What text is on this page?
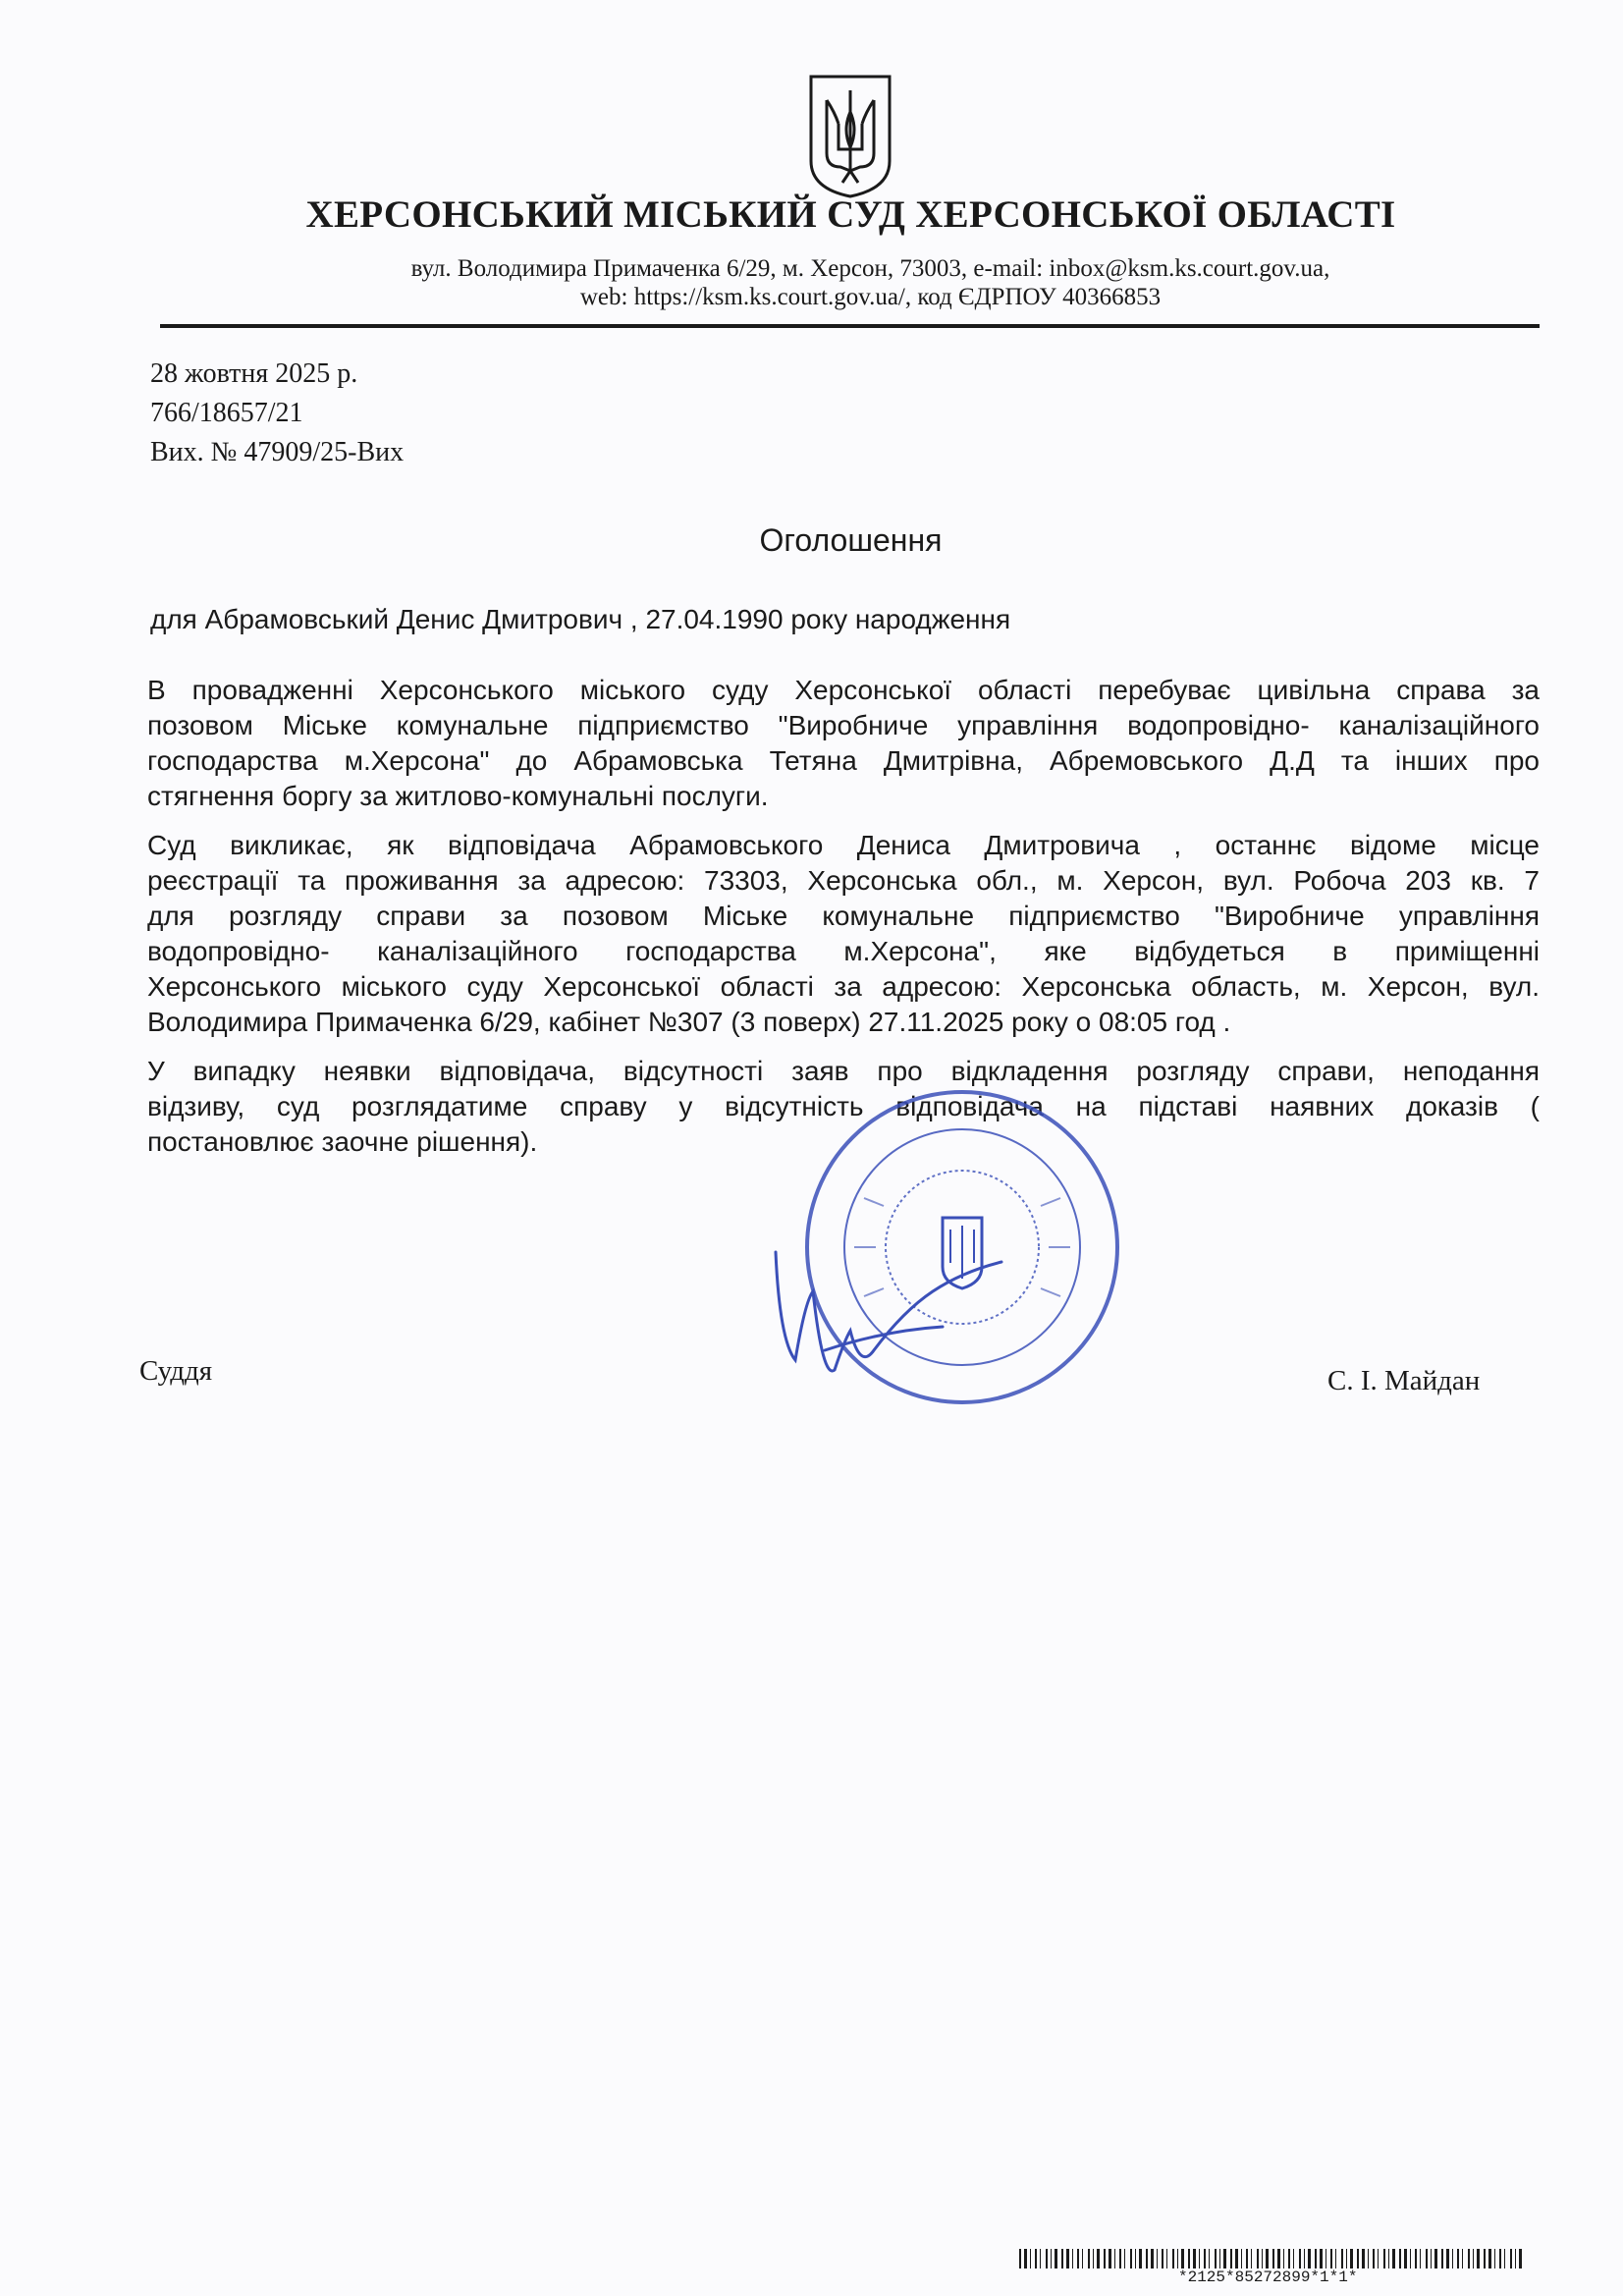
ХЕРСОНСЬКИЙ МІСЬКИЙ СУД ХЕРСОНСЬКОЇ ОБЛАСТІ
вул. Володимира Примаченка 6/29, м. Херсон, 73003, e-mail: inbox@ksm.ks.court.gov.ua,
web: https://ksm.ks.court.gov.ua/, код ЄДРПОУ 40366853
28 жовтня 2025 р.
766/18657/21
Вих. № 47909/25-Вих
Оголошення
для Абрамовський Денис Дмитрович , 27.04.1990 року народження
В провадженні Херсонського міського суду Херсонської області перебуває цивільна справа за
позовом Міське комунальне підприємство "Виробниче управління водопровідно- каналізаційного
господарства м.Херсона" до Абрамовська Тетяна Дмитрівна, Абремовського Д.Д та інших про
стягнення боргу за житлово-комунальні послуги.
Суд викликає, як відповідача Абрамовського Дениса Дмитровича , останнє відоме місце
реєстрації та проживання за адресою: 73303, Херсонська обл., м. Херсон, вул. Робоча 203 кв. 7
для розгляду справи за позовом Міське комунальне підприємство "Виробниче управління
водопровідно- каналізаційного господарства м.Херсона", яке відбудеться в приміщенні
Херсонського міського суду Херсонської області за адресою: Херсонська область, м. Херсон, вул.
Володимира Примаченка 6/29, кабінет №307 (3 поверх) 27.11.2025 року о 08:05 год .
У випадку неявки відповідача, відсутності заяв про відкладення розгляду справи, неподання
відзиву, суд розглядатиме справу у відсутність відповідача на підставі наявних доказів (
постановлює заочне рішення).
Суддя	С. І. Майдан
*2125*85272899*1*1*
